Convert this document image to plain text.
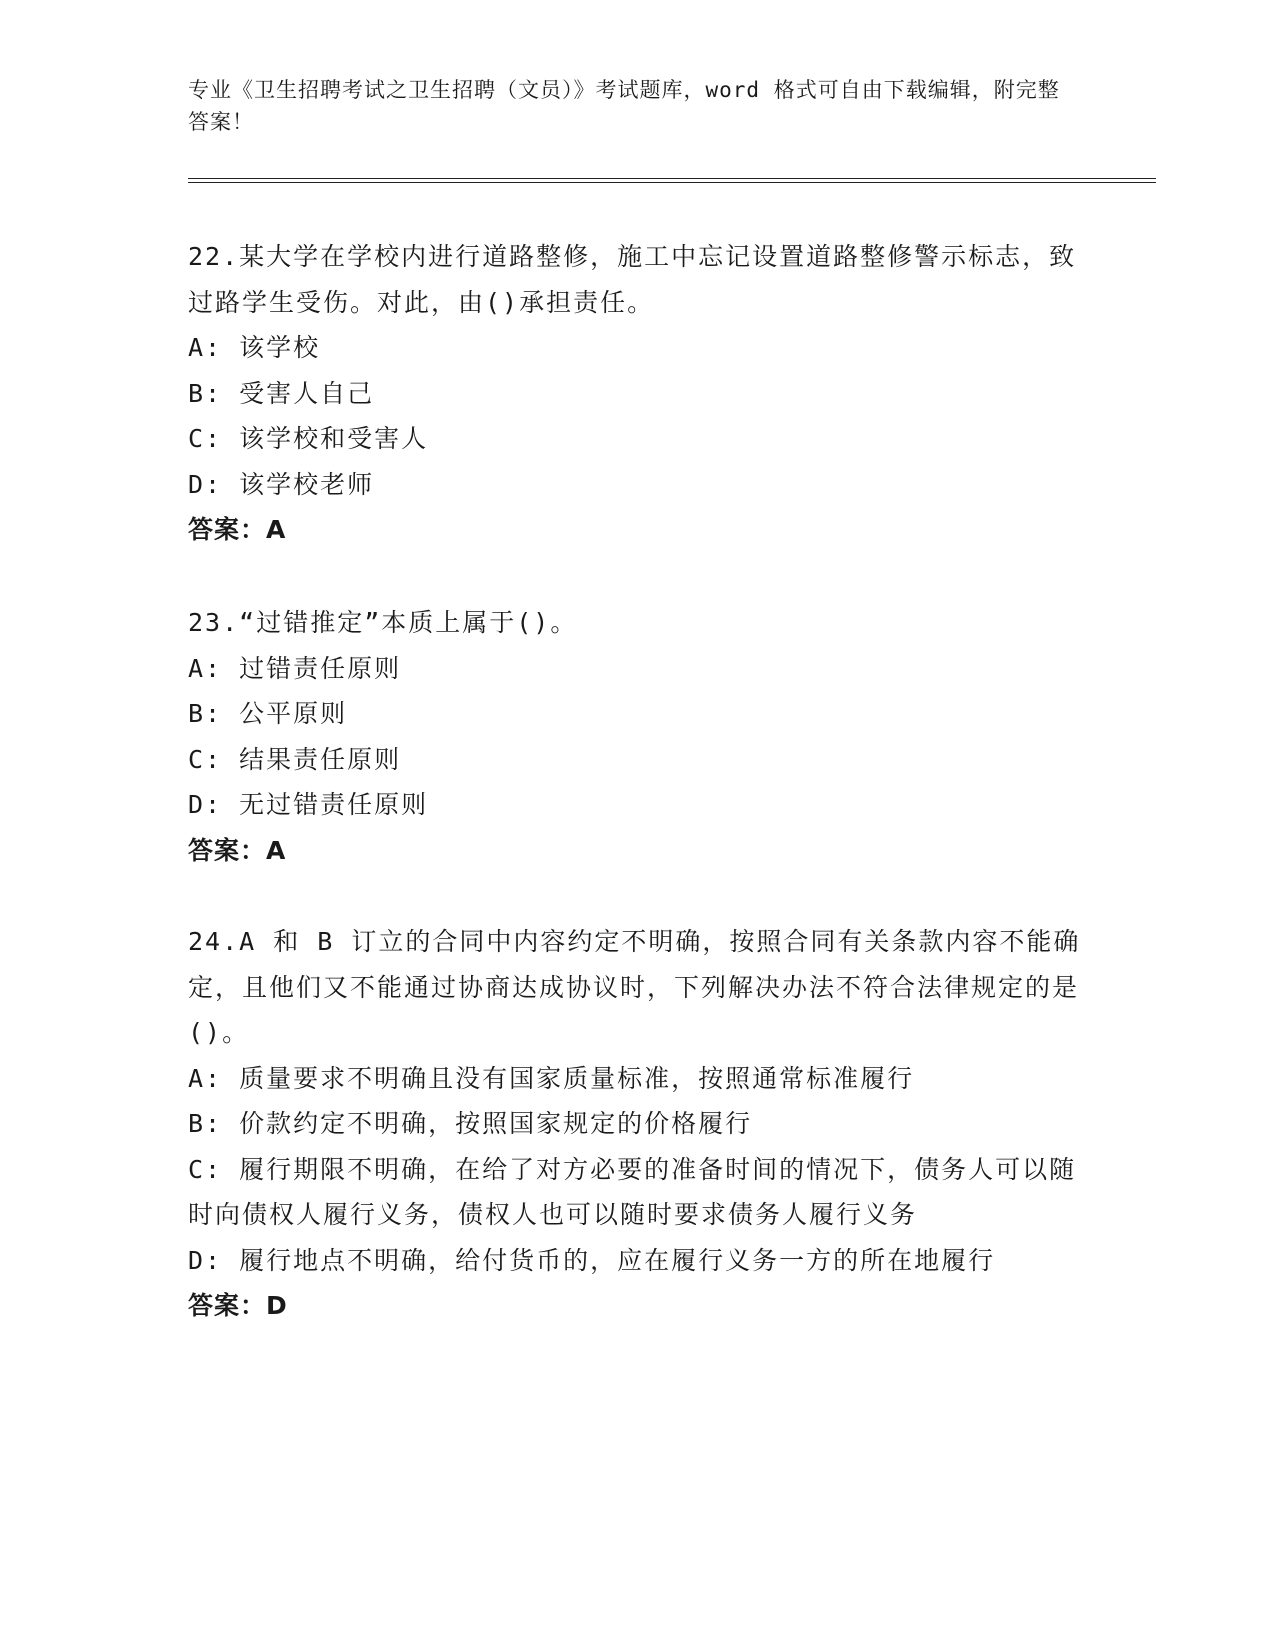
专业《卫生招聘考试之卫生招聘（文员）》考试题库，word 格式可自由下载编辑，附完整答案！

22.某大学在学校内进行道路整修，施工中忘记设置道路整修警示标志，致过路学生受伤。对此，由()承担责任。

A: 该学校

B: 受害人自己

C: 该学校和受害人

D: 该学校老师

答案：A

23.“过错推定”本质上属于()。

A: 过错责任原则

B: 公平原则

C: 结果责任原则

D: 无过错责任原则

答案：A

24.A 和 B 订立的合同中内容约定不明确，按照合同有关条款内容不能确定，且他们又不能通过协商达成协议时，下列解决办法不符合法律规定的是()。

A: 质量要求不明确且没有国家质量标准，按照通常标准履行

B: 价款约定不明确，按照国家规定的价格履行

C: 履行期限不明确，在给了对方必要的准备时间的情况下，债务人可以随时向债权人履行义务，债权人也可以随时要求债务人履行义务

D: 履行地点不明确，给付货币的，应在履行义务一方的所在地履行

答案：D
